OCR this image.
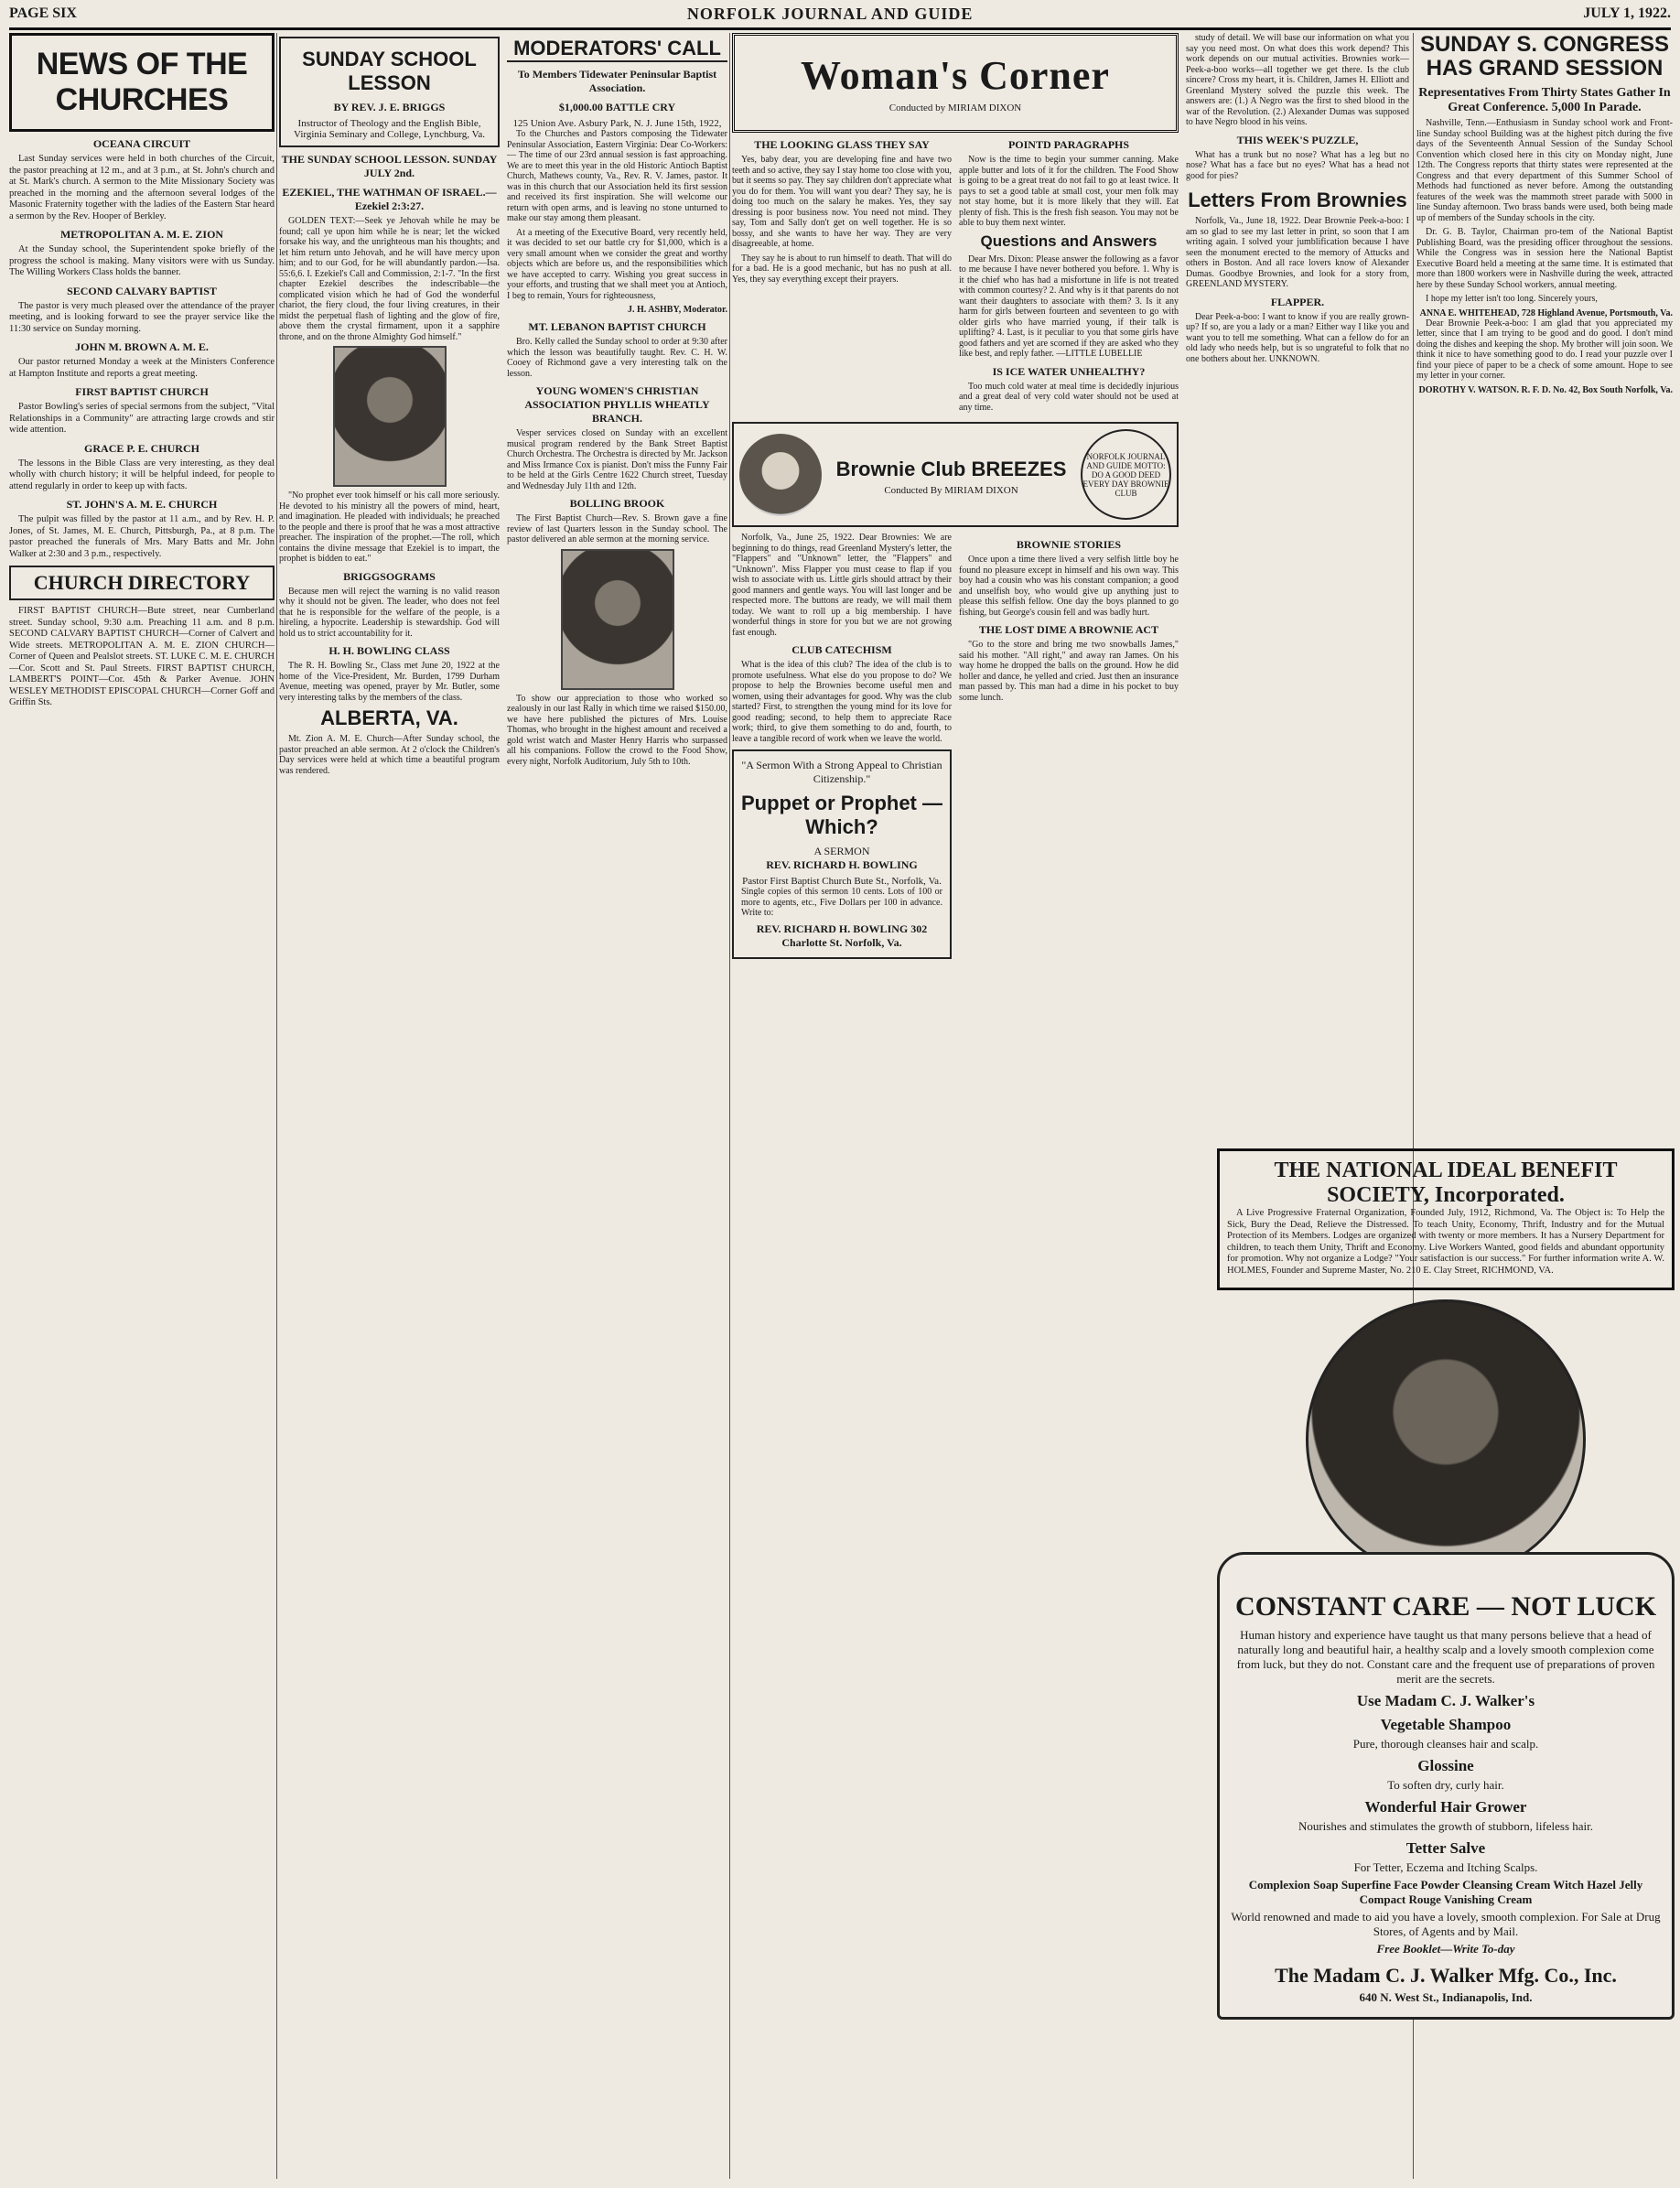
PAGE SIX	NORFOLK JOURNAL AND GUIDE	JULY 1, 1922.
NEWS OF THE CHURCHES
OCEANA CIRCUIT

Last Sunday services were held in both churches of the Circuit, the pastor preaching at 12 m., and at 3 p.m., at St. John's church and at St. Mark's church. A sermon to the Mite Missionary Society was preached in the morning and the afternoon several lodges of the Masonic Fraternity together with the ladies of the Eastern Star heard a sermon by the Rev. Hooper of Berkley.

METROPOLITAN A. M. E. ZION

At the Sunday school, the Superintendent spoke briefly of the progress the school is making. Many visitors were with us Sunday. The Willing Workers Class holds the banner.

SECOND CALVARY BAPTIST

The pastor is very much pleased over the attendance of the prayer meeting, and is looking forward to see the prayer service like the 11:30 service on Sunday morning.

JOHN M. BROWN A. M. E.

Our pastor returned Monday a week at the Ministers Conference at Hampton Institute and reports a great meeting.

FIRST BAPTIST CHURCH

Pastor Bowling's series of special sermons from the subject, "Vital Relationships in a Community" are attracting large crowds and stir wide attention.

GRACE P. E. CHURCH

The lessons in the Bible Class are very interesting, as they deal wholly with church history; it will be helpful indeed, for people to attend regularly in order to keep up with facts.

ST. JOHN'S A. M. E. CHURCH

The pulpit was filled by the pastor at 11 a.m., and by Rev. H. P. Jones, of St. James, M. E. Church, Pittsburgh, Pa., at 8 p.m. The pastor preached the funerals of Mrs. Mary Batts and Mr. John Walker at 2:30 and 3 p.m., respectively.

CHURCH DIRECTORY

FIRST BAPTIST CHURCH—Bute street, near Cumberland street. Sunday school, 9:30 a.m. Preaching 11 a.m. and 8 p.m. SECOND CALVARY BAPTIST CHURCH—Corner of Calvert and Wide streets. METROPOLITAN A. M. E. ZION CHURCH—Corner of Queen and Pealslot streets. ST. LUKE C. M. E. CHURCH—Cor. Scott and St. Paul Streets. FIRST BAPTIST CHURCH, LAMBERT'S POINT—Cor. 45th & Parker Avenue. JOHN WESLEY METHODIST EPISCOPAL CHURCH—Corner Goff and Griffin Sts.

SUNDAY SCHOOL LESSON
BY REV. J. E. BRIGGS
Instructor of Theology and the English Bible, Virginia Seminary and College, Lynchburg, Va.
THE SUNDAY SCHOOL LESSON. SUNDAY JULY 2nd.
EZEKIEL, THE WATHMAN OF ISRAEL.—Ezekiel 2:3:27.

GOLDEN TEXT:—Seek ye Jehovah while he may be found; call ye upon him while he is near; let the wicked forsake his way, and the unrighteous man his thoughts; and let him return unto Jehovah, and he will have mercy upon him; and to our God, for he will abundantly pardon.—Isa. 55:6,6. I. Ezekiel's Call and Commission, 2:1-7. "In the first chapter Ezekiel describes the indescribable—the complicated vision which he had of God the wonderful chariot, the fiery cloud, the four living creatures, in their midst the perpetual flash of lighting and the glow of fire, above them the crystal firmament, upon it a sapphire throne, and on the throne Almighty God himself."

"No prophet ever took himself or his call more seriously. He devoted to his ministry all the powers of mind, heart, and imagination. He pleaded with individuals; he preached to the people and there is proof that he was a most attractive preacher. The inspiration of the prophet.—The roll, which contains the divine message that Ezekiel is to impart, the prophet is bidden to eat."

BRIGGSOGRAMS

Because men will reject the warning is no valid reason why it should not be given. The leader, who does not feel that he is responsible for the welfare of the people, is a hireling, a hypocrite. Leadership is stewardship. God will hold us to strict accountability for it.

H. H. BOWLING CLASS

The R. H. Bowling Sr., Class met June 20, 1922 at the home of the Vice-President, Mr. Burden, 1799 Durham Avenue, meeting was opened, prayer by Mr. Butler, some very interesting talks by the members of the class.

ALBERTA, VA.

Mt. Zion A. M. E. Church—After Sunday school, the pastor preached an able sermon. At 2 o'clock the Children's Day services were held at which time a beautiful program was rendered.

MODERATORS' CALL
To Members Tidewater Peninsular Baptist Association.
$1,000.00 BATTLE CRY
125 Union Ave. Asbury Park, N. J. June 15th, 1922,

To the Churches and Pastors composing the Tidewater Peninsular Association, Eastern Virginia: Dear Co-Workers:— The time of our 23rd annual session is fast approaching. We are to meet this year in the old Historic Antioch Baptist Church, Mathews county, Va., Rev. R. V. James, pastor. It was in this church that our Association held its first session and received its first inspiration. She will welcome our return with open arms, and is leaving no stone unturned to make our stay among them pleasant.

At a meeting of the Executive Board, very recently held, it was decided to set our battle cry for $1,000, which is a very small amount when we consider the great and worthy objects which are before us, and the responsibilities which we have accepted to carry. Wishing you great success in your efforts, and trusting that we shall meet you at Antioch, I beg to remain, Yours for righteousness,

J. H. ASHBY, Moderator.
MT. LEBANON BAPTIST CHURCH

Bro. Kelly called the Sunday school to order at 9:30 after which the lesson was beautifully taught. Rev. C. H. W. Cooey of Richmond gave a very interesting talk on the lesson.

YOUNG WOMEN'S CHRISTIAN ASSOCIATION PHYLLIS WHEATLY BRANCH.

Vesper services closed on Sunday with an excellent musical program rendered by the Bank Street Baptist Church Orchestra. The Orchestra is directed by Mr. Jackson and Miss Irmance Cox is pianist. Don't miss the Funny Fair to be held at the Girls Centre 1622 Church street, Tuesday and Wednesday July 11th and 12th.

BOLLING BROOK

The First Baptist Church—Rev. S. Brown gave a fine review of last Quarters lesson in the Sunday school. The pastor delivered an able sermon at the morning service.

To show our appreciation to those who worked so zealously in our last Rally in which time we raised $150.00, we have here published the pictures of Mrs. Louise Thomas, who brought in the highest amount and received a gold wrist watch and Master Henry Harris who surpassed all his companions. Follow the crowd to the Food Show, every night, Norfolk Auditorium, July 5th to 10th.

Woman's Corner
Conducted by MIRIAM DIXON
THE LOOKING GLASS THEY SAY

Yes, baby dear, you are developing fine and have two teeth and so active, they say I stay home too close with you, but it seems so pay. They say children don't appreciate what you do for them. You will want you dear? They say, he is doing too much on the salary he makes. Yes, they say dressing is poor business now. You need not mind. They say, Tom and Sally don't get on well together. He is so bossy, and she wants to have her way. They are very disagreeable, at home.

They say he is about to run himself to death. That will do for a bad. He is a good mechanic, but has no push at all. Yes, they say everything except their prayers.

POINTD PARAGRAPHS

Now is the time to begin your summer canning. Make apple butter and lots of it for the children. The Food Show is going to be a great treat do not fail to go at least twice. It pays to set a good table at small cost, your men folk may not stay home, but it is more likely that they will. Eat plenty of fish. This is the fresh fish season. You may not be able to buy them next winter.

Questions and Answers

Dear Mrs. Dixon: Please answer the following as a favor to me because I have never bothered you before. 1. Why is it the chief who has had a misfortune in life is not treated with common courtesy? 2. And why is it that parents do not want their daughters to associate with them? 3. Is it any harm for girls between fourteen and seventeen to go with older girls who have married young, if their talk is uplifting? 4. Last, is it peculiar to you that some girls have good fathers and yet are scorned if they are asked who they like best, and reply father. —LITTLE LUBELLIE

IS ICE WATER UNHEALTHY?

Too much cold water at meal time is decidedly injurious and a great deal of very cold water should not be used at any time.

Brownie Club BREEZES
Conducted By MIRIAM DIXON
NORFOLK JOURNAL AND GUIDE MOTTO: DO A GOOD DEED EVERY DAY BROWNIE CLUB

Norfolk, Va., June 25, 1922. Dear Brownies: We are beginning to do things, read Greenland Mystery's letter, the "Flappers" and "Unknown" letter, the "Flappers" and "Unknown". Miss Flapper you must cease to flap if you wish to associate with us. Little girls should attract by their good manners and gentle ways. You will last longer and be respected more. The buttons are ready, we will mail them today. We want to roll up a big membership. I have wonderful things in store for you but we are not growing fast enough.

CLUB CATECHISM

What is the idea of this club? The idea of the club is to promote usefulness. What else do you propose to do? We propose to help the Brownies become useful men and women, using their advantages for good. Why was the club started? First, to strengthen the young mind for its love for good reading; second, to help them to appreciate Race work; third, to give them something to do and, fourth, to leave a tangible record of work when we leave the world.

"A Sermon With a Strong Appeal to Christian Citizenship."
Puppet or Prophet —Which?
A SERMON
REV. RICHARD H. BOWLING
Pastor First Baptist Church Bute St., Norfolk, Va.

Single copies of this sermon 10 cents. Lots of 100 or more to agents, etc., Five Dollars per 100 in advance. Write to:

REV. RICHARD H. BOWLING 302 Charlotte St. Norfolk, Va.
BROWNIE STORIES

Once upon a time there lived a very selfish little boy he found no pleasure except in himself and his own way. This boy had a cousin who was his constant companion; a good and unselfish boy, who would give up anything just to please this selfish fellow. One day the boys planned to go fishing, but George's cousin fell and was badly hurt.

THE LOST DIME A BROWNIE ACT

"Go to the store and bring me two snowballs James," said his mother. "All right," and away ran James. On his way home he dropped the balls on the ground. How he did holler and dance, he yelled and cried. Just then an insurance man passed by. This man had a dime in his pocket to buy some lunch.

study of detail. We will base our information on what you say you need most. On what does this work depend? This work depends on our mutual activities. Brownies work—Peek-a-boo works—all together we get there. Is the club sincere? Cross my heart, it is. Children, James H. Elliott and Greenland Mystery solved the puzzle this week. The answers are: (1.) A Negro was the first to shed blood in the war of the Revolution. (2.) Alexander Dumas was supposed to have Negro blood in his veins.

THIS WEEK'S PUZZLE,

What has a trunk but no nose? What has a leg but no nose? What has a face but no eyes? What has a head not good for pies?

Letters From Brownies

Norfolk, Va., June 18, 1922. Dear Brownie Peek-a-boo: I am so glad to see my last letter in print, so soon that I am writing again. I solved your jumblification because I have seen the monument erected to the memory of Attucks and others in Boston. And all race lovers know of Alexander Dumas. Goodbye Brownies, and look for a story from, GREENLAND MYSTERY.

FLAPPER.

Dear Peek-a-boo: I want to know if you are really grown-up? If so, are you a lady or a man? Either way I like you and want you to tell me something. What can a fellow do for an old lady who needs help, but is so ungrateful to folk that no one bothers about her. UNKNOWN.

SUNDAY S. CONGRESS HAS GRAND SESSION
Representatives From Thirty States Gather In Great Conference. 5,000 In Parade.

Nashville, Tenn.—Enthusiasm in Sunday school work and Front-line Sunday school Building was at the highest pitch during the five days of the Seventeenth Annual Session of the Sunday School Convention which closed here in this city on Monday night, June 12th. The Congress reports that thirty states were represented at the Congress and that every department of this Summer School of Methods had functioned as never before. Among the outstanding features of the week was the mammoth street parade with 5000 in line Sunday afternoon. Two brass bands were used, both being made up of members of the Sunday schools in the city.

Dr. G. B. Taylor, Chairman pro-tem of the National Baptist Publishing Board, was the presiding officer throughout the sessions. While the Congress was in session here the National Baptist Executive Board held a meeting at the same time. It is estimated that more than 1800 workers were in Nashville during the week, attracted here by these Sunday School workers, annual meeting.

I hope my letter isn't too long. Sincerely yours,

ANNA E. WHITEHEAD, 728 Highland Avenue, Portsmouth, Va.

Dear Brownie Peek-a-boo: I am glad that you appreciated my letter, since that I am trying to be good and do good. I don't mind doing the dishes and keeping the shop. My brother will join soon. We think it nice to have something good to do. I read your puzzle over I find your piece of paper to be a check of some amount. Hope to see my letter in your corner.

DOROTHY V. WATSON. R. F. D. No. 42, Box South Norfolk, Va.
THE NATIONAL IDEAL BENEFIT SOCIETY, Incorporated.

A Live Progressive Fraternal Organization, Founded July, 1912, Richmond, Va. The Object is: To Help the Sick, Bury the Dead, Relieve the Distressed. To teach Unity, Economy, Thrift, Industry and for the Mutual Protection of its Members. Lodges are organized with twenty or more members. It has a Nursery Department for children, to teach them Unity, Thrift and Economy. Live Workers Wanted, good fields and abundant opportunity for promotion. Why not organize a Lodge? "Your satisfaction is our success." For further information write A. W. HOLMES, Founder and Supreme Master, No. 210 E. Clay Street, RICHMOND, VA.

CONSTANT CARE — NOT LUCK
Human history and experience have taught us that many persons believe that a head of naturally long and beautiful hair, a healthy scalp and a lovely smooth complexion come from luck, but they do not. Constant care and the frequent use of preparations of proven merit are the secrets.
Use Madam C. J. Walker's
Vegetable Shampoo
Pure, thorough cleanses hair and scalp.
Glossine
To soften dry, curly hair.
Wonderful Hair Grower
Nourishes and stimulates the growth of stubborn, lifeless hair.
Tetter Salve
For Tetter, Eczema and Itching Scalps.
Complexion Soap Superfine Face Powder Cleansing Cream Witch Hazel Jelly Compact Rouge Vanishing Cream
World renowned and made to aid you have a lovely, smooth complexion. For Sale at Drug Stores, of Agents and by Mail.
Free Booklet—Write To-day
The Madam C. J. Walker Mfg. Co., Inc.
640 N. West St., Indianapolis, Ind.
